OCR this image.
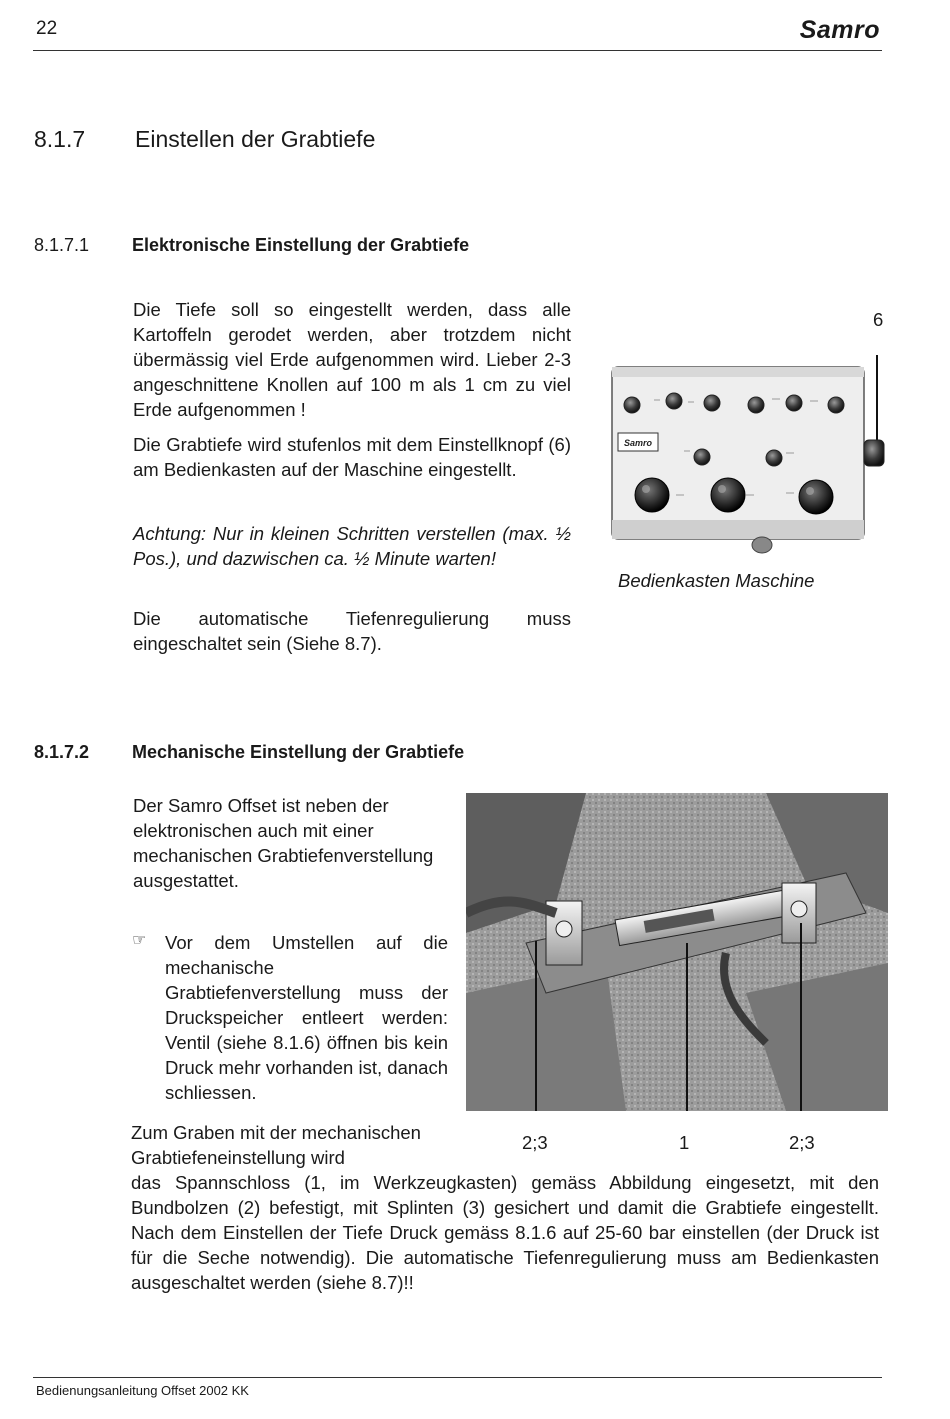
22	Samro
8.1.7 Einstellen der Grabtiefe
8.1.7.1 Elektronische Einstellung der Grabtiefe

Die Tiefe soll so eingestellt werden, dass alle Kartoffeln gerodet werden, aber trotzdem nicht übermässig viel Erde aufgenommen wird. Lieber 2-3 angeschnittene Knollen auf 100 m als 1 cm zu viel Erde aufgenommen !

Die Grabtiefe wird stufenlos mit dem Einstellknopf (6) am Bedienkasten auf der Maschine eingestellt.

Achtung: Nur in kleinen Schritten verstellen (max. ½ Pos.), und dazwischen ca. ½ Minute warten!

Die automatische Tiefenregulierung muss eingeschaltet sein (Siehe 8.7).

Samro
6
Bedienkasten Maschine
8.1.7.2 Mechanische Einstellung der Grabtiefe

Der Samro Offset ist neben der elektronischen auch mit einer mechanischen Grabtiefenverstellung ausgestattet.

☞ Vor dem Umstellen auf die mechanische Grabtiefenverstellung muss der Druckspeicher entleert werden: Ventil (siehe 8.1.6) öffnen bis kein Druck mehr vorhanden ist, danach schliessen.

2;3	1	2;3

Zum Graben mit der mechanischen Grabtiefeneinstellung wird

das Spannschloss (1, im Werkzeugkasten) gemäss Abbildung eingesetzt, mit den Bundbolzen (2) befestigt, mit Splinten (3) gesichert und damit die Grabtiefe eingestellt. Nach dem Einstellen der Tiefe Druck gemäss 8.1.6 auf 25-60 bar einstellen (der Druck ist für die Seche notwendig). Die automatische Tiefenregulierung muss am Bedienkasten ausgeschaltet werden (siehe 8.7)!!

Bedienungsanleitung Offset 2002 KK
